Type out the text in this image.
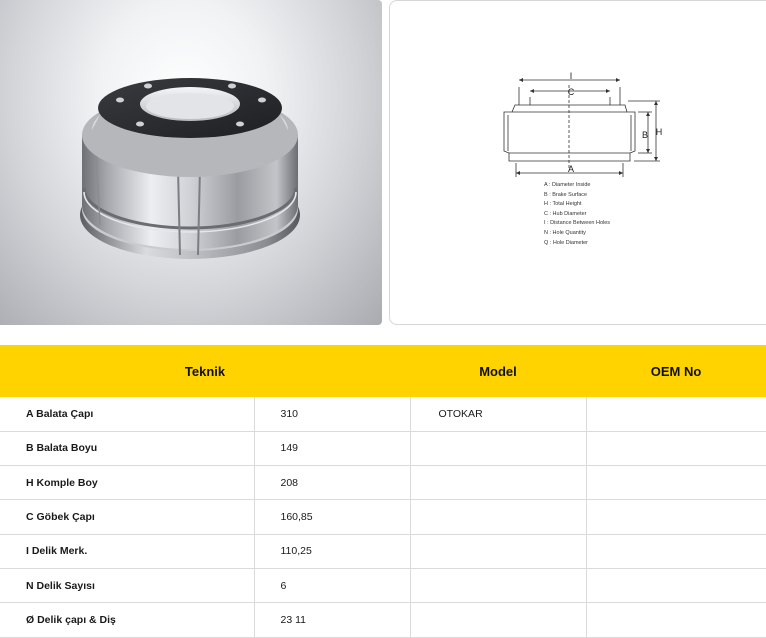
I
C
B H
A
A : Diameter Inside
B : Brake Surface
H : Total Height
C : Hub Diameter
I : Distance Between Holes
N : Hole Quantity
Q : Hole Diameter
Teknik		Model	OEM No
A Balata Çapı	310	OTOKAR	
B Balata Boyu	149		
H Komple Boy	208		
C Göbek Çapı	160,85		
I Delik Merk.	110,25		
N Delik Sayısı	6		
Ø Delik çapı & Diş	23 11		
